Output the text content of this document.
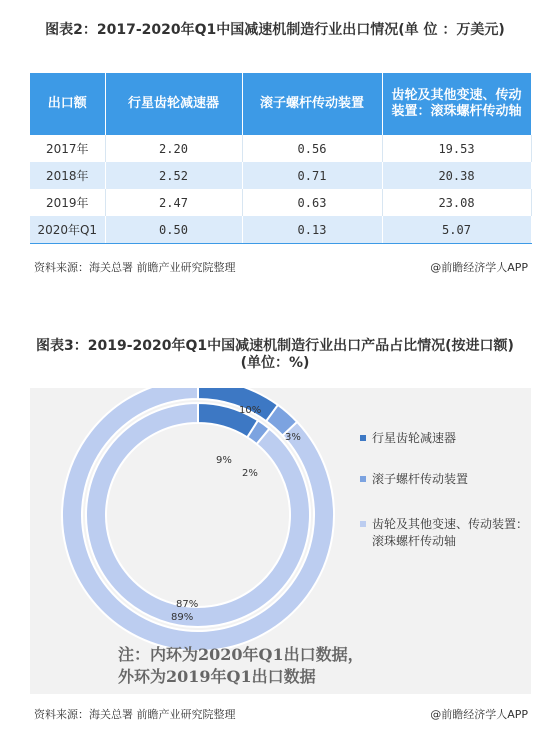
图表2：2017-2020年Q1中国减速机制造行业出口情况(单 位 ：万美元)
出口额	行星齿轮减速器	滚子螺杆传动装置	齿轮及其他变速、传动装置：滚珠螺杆传动轴
2017年	2.20	0.56	19.53
2018年	2.52	0.71	20.38
2019年	2.47	0.63	23.08
2020年Q1	0.50	0.13	5.07
资料来源：海关总署 前瞻产业研究院整理	@前瞻经济学人APP
图表3：2019-2020年Q1中国减速机制造行业出口产品占比情况(按进口额)(单位：%)
10%
3%
87%
9%
2%
89%
行星齿轮减速器
滚子螺杆传动装置
齿轮及其他变速、传动装置：滚珠螺杆传动轴
注：内环为2020年Q1出口数据，
外环为2019年Q1出口数据
资料来源：海关总署 前瞻产业研究院整理	@前瞻经济学人APP
